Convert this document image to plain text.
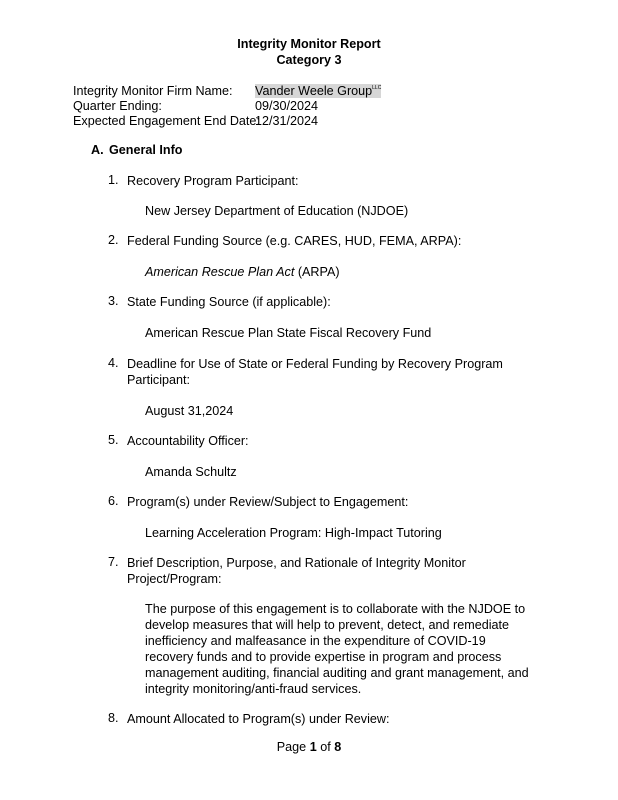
Integrity Monitor Report
Category 3
Integrity Monitor Firm Name: Vander Weele Group$^{LLC}$
Quarter Ending:	09/30/2024
Expected Engagement End Date:
12/31/2024
A. General Info
1. Recovery Program Participant:
New Jersey Department of Education (NJDOE)
2. Federal Funding Source (e.g. CARES, HUD, FEMA, ARPA):
American Rescue Plan Act (ARPA)
3. State Funding Source (if applicable):
American Rescue Plan State Fiscal Recovery Fund
4. Deadline for Use of State or Federal Funding by Recovery Program Participant:
August 31,2024
5. Accountability Officer:
Amanda Schultz
6. Program(s) under Review/Subject to Engagement:
Learning Acceleration Program: High-Impact Tutoring
7. Brief Description, Purpose, and Rationale of Integrity Monitor Project/Program:
The purpose of this engagement is to collaborate with the NJDOE to develop measures that will help to prevent, detect, and remediate inefficiency and malfeasance in the expenditure of COVID-19 recovery funds and to provide expertise in program and process management auditing, financial auditing and grant management, and integrity monitoring/anti-fraud services.
8. Amount Allocated to Program(s) under Review:
Page 1 of 8
